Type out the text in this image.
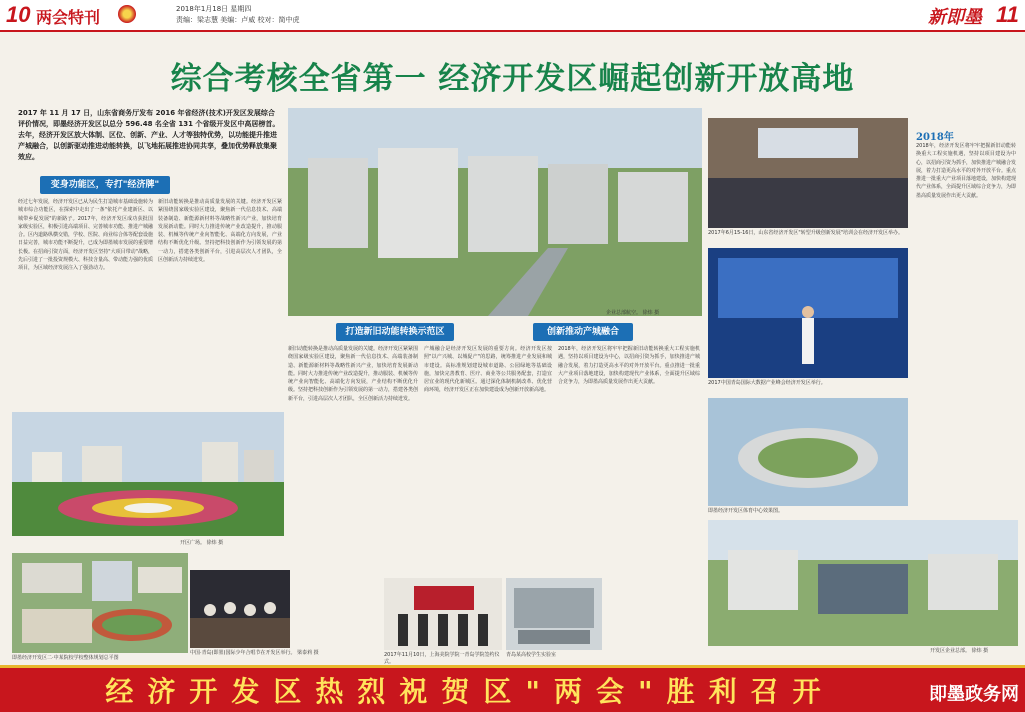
10 两会特刊	2018年1月18日 星期四
责编：梁志慧 美编：卢威 校对：简中虎	新即墨 11
综合考核全省第一 经济开发区崛起创新开放高地
2017 年 11 月 17 日，山东省商务厅发布 2016 年省经济(技术)开发区发展综合评价情况，即墨经济开发区以总分 596.48 名全省 131 个省级开发区中高居榜首。去年，经济开发区放大体制、区位、创新、产业、人才等独特优势，以功能提升推进产城融合，以创新驱动推进动能转换，以飞地拓展推进协同共享，叠加优势释放集聚效应。
变身功能区，专打"经济牌"
经过七年发展，经济开发区已从为民生打造城市基础设施转为城市综合功能区，在探索中走出了一条"依托产业建新区、以城带乡促发展"的新路子。2017年，经济开发区成功获批国家级实验区，积极引进高端项目、完善城市功能、推进产城融合。区内道路纵横交错，学校、医院、商业综合体等配套设施日益完善，城市功能不断提升，已成为即墨城市发展的重要增长极。在招商引资方面，经济开发区坚持"大项目带动"战略，先后引进了一批投资规模大、科技含量高、带动能力强的优质项目，为区域经济发展注入了强劲动力。
新旧动能转换是推动高质量发展的关键。经济开发区紧紧围绕国家级实验区建设，聚焦新一代信息技术、高端装备制造、新能源新材料等战略性新兴产业，加快培育发展新动能。同时大力推进传统产业改造提升，推动服装、机械等传统产业向智能化、高端化方向发展，产业结构不断优化升级。坚持把科技创新作为引领发展的第一动力，搭建各类创新平台，引进高层次人才团队，全区创新活力持续迸发。
开区广场。 徐炜 摄
即墨经济开发区二·中某院校学校整体规划总平图
中国·青岛(即墨)国际少年合唱节在开发区举行。 梁泰莉 摄	2017年11月10日，上海美院学院一青岛学院签约仪式。
青岛某高校学生实验室
企业总部航空。 徐炜 摄
打造新旧动能转换示范区	创新推动产城融合
新旧动能转换是推动高质量发展的关键。经济开发区紧紧围绕国家级实验区建设，聚焦新一代信息技术、高端装备制造、新能源新材料等战略性新兴产业，加快培育发展新动能。同时大力推进传统产业改造提升，推动服装、机械等传统产业向智能化、高端化方向发展，产业结构不断优化升级。坚持把科技创新作为引领发展的第一动力，搭建各类创新平台，引进高层次人才团队，全区创新活力持续迸发。
产城融合是经济开发区发展的重要方向。经济开发区按照"以产兴城、以城促产"的思路，统筹推进产业发展和城市建设。高标准规划建设城市道路、公园绿地等基础设施，加快完善教育、医疗、商业等公共服务配套，打造宜居宜业的现代化新城区。通过深化体制机制改革、优化营商环境，经济开发区正在加快建设成为创新开放新高地。
2018年，经济开发区将牢牢把握新旧动能转换重大工程实施机遇，坚持以项目建设为中心，以招商引资为抓手，加快推进产城融合发展，着力打造更高水平的对外开放平台。重点推进一批重大产业项目落地建设，加快构建现代产业体系，全面提升区域综合竞争力，为即墨高质量发展作出更大贡献。
2017年6月15-16日，山东省经济开发区"转型升级创新发展"培训会在经济开发区举办。
2017中国青岛国际大数据产业峰会经济开发区举行。
即墨经济开发区体育中心效果图。
开发区企业总部。 徐炜 摄
2018年
2018年，经济开发区将牢牢把握新旧动能转换重大工程实施机遇，坚持以项目建设为中心，以招商引资为抓手，加快推进产城融合发展，着力打造更高水平的对外开放平台。重点推进一批重大产业项目落地建设，加快构建现代产业体系，全面提升区域综合竞争力，为即墨高质量发展作出更大贡献。
经济开发区热烈祝贺区"两会"胜利召开	即墨政务网
